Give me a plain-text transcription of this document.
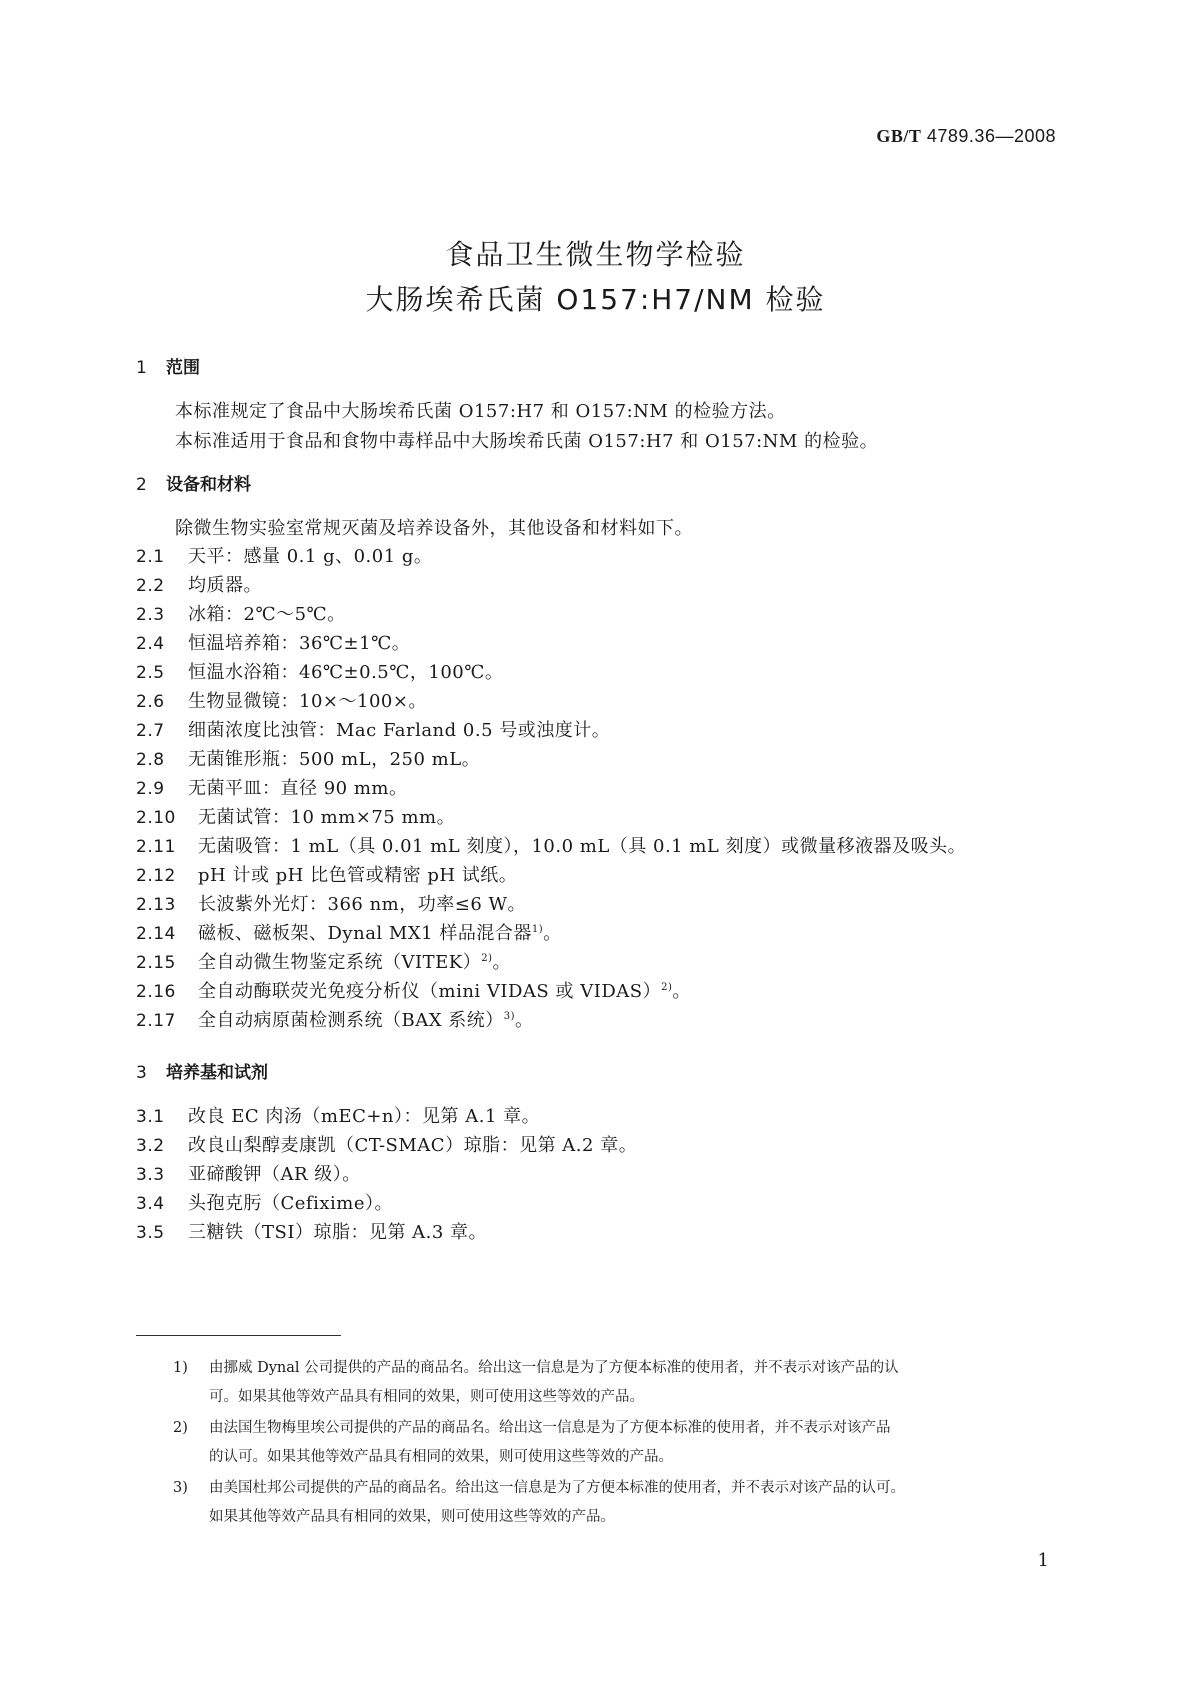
GB/T 4789.36—2008
食品卫生微生物学检验
大肠埃希氏菌 O157:H7/NM 检验
1 范围
本标准规定了食品中大肠埃希氏菌 O157:H7 和 O157:NM 的检验方法。
本标准适用于食品和食物中毒样品中大肠埃希氏菌 O157:H7 和 O157:NM 的检验。
2 设备和材料
除微生物实验室常规灭菌及培养设备外，其他设备和材料如下。
2.1 天平：感量 0.1 g、0.01 g。
2.2 均质器。
2.3 冰箱：2℃～5℃。
2.4 恒温培养箱：36℃±1℃。
2.5 恒温水浴箱：46℃±0.5℃，100℃。
2.6 生物显微镜：10×～100×。
2.7 细菌浓度比浊管：Mac Farland 0.5 号或浊度计。
2.8 无菌锥形瓶：500 mL，250 mL。
2.9 无菌平皿：直径 90 mm。
2.10 无菌试管：10 mm×75 mm。
2.11 无菌吸管：1 mL（具 0.01 mL 刻度），10.0 mL（具 0.1 mL 刻度）或微量移液器及吸头。
2.12 pH 计或 pH 比色管或精密 pH 试纸。
2.13 长波紫外光灯：366 nm，功率≤6 W。
2.14 磁板、磁板架、Dynal MX1 样品混合器$^{1)}$。
2.15 全自动微生物鉴定系统（VITEK）$^{2)}$。
2.16 全自动酶联荧光免疫分析仪（mini VIDAS 或 VIDAS）$^{2)}$。
2.17 全自动病原菌检测系统（BAX 系统）$^{3)}$。
3 培养基和试剂
3.1 改良 EC 肉汤（mEC+n）：见第 A.1 章。
3.2 改良山梨醇麦康凯（CT-SMAC）琼脂：见第 A.2 章。
3.3 亚碲酸钾（AR 级）。
3.4 头孢克肟（Cefixime）。
3.5 三糖铁（TSI）琼脂：见第 A.3 章。
1) 由挪威 Dynal 公司提供的产品的商品名。给出这一信息是为了方便本标准的使用者，并不表示对该产品的认
可。如果其他等效产品具有相同的效果，则可使用这些等效的产品。
2) 由法国生物梅里埃公司提供的产品的商品名。给出这一信息是为了方便本标准的使用者，并不表示对该产品
的认可。如果其他等效产品具有相同的效果，则可使用这些等效的产品。
3) 由美国杜邦公司提供的产品的商品名。给出这一信息是为了方便本标准的使用者，并不表示对该产品的认可。
如果其他等效产品具有相同的效果，则可使用这些等效的产品。
1
